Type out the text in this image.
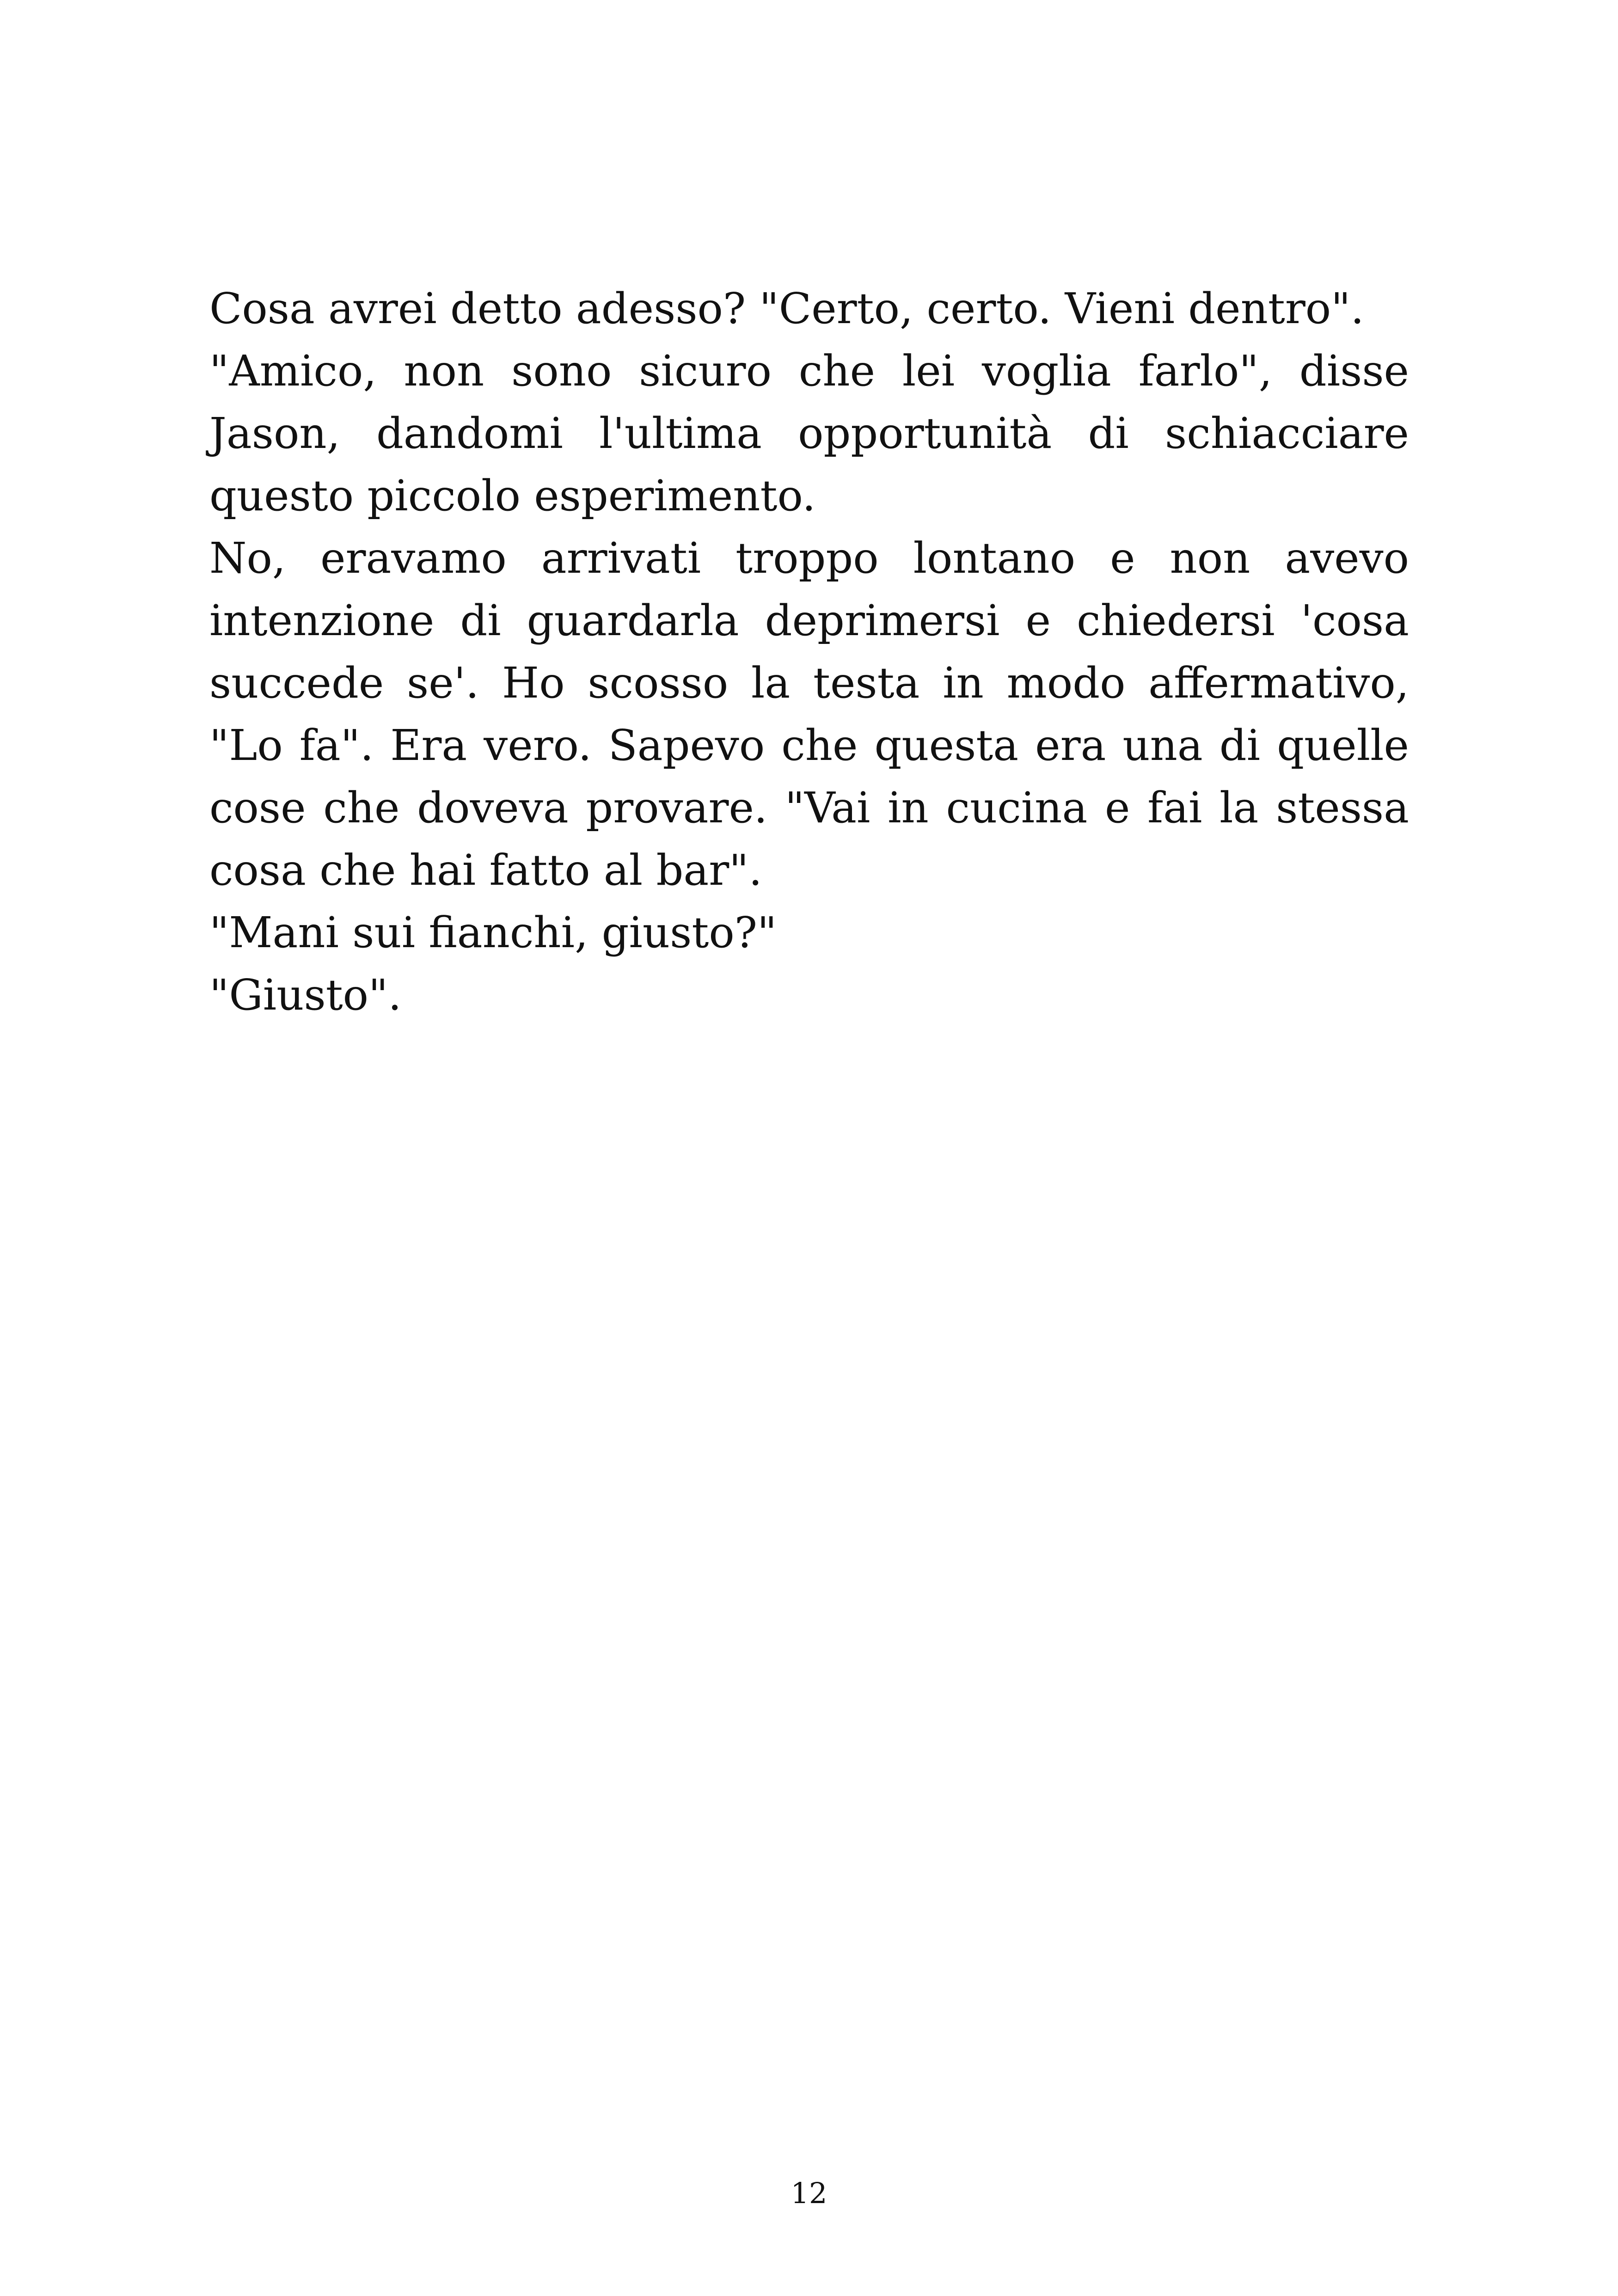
Cosa avrei detto adesso? "Certo, certo. Vieni dentro".

"Amico, non sono sicuro che lei voglia farlo", disse Jason, dandomi l'ultima opportunità di schiacciare questo piccolo esperimento.

No, eravamo arrivati troppo lontano e non avevo intenzione di guardarla deprimersi e chiedersi 'cosa succede se'. Ho scosso la testa in modo affermativo, "Lo fa". Era vero. Sapevo che questa era una di quelle cose che doveva provare. "Vai in cucina e fai la stessa cosa che hai fatto al bar".

"Mani sui fianchi, giusto?"

"Giusto".

12
